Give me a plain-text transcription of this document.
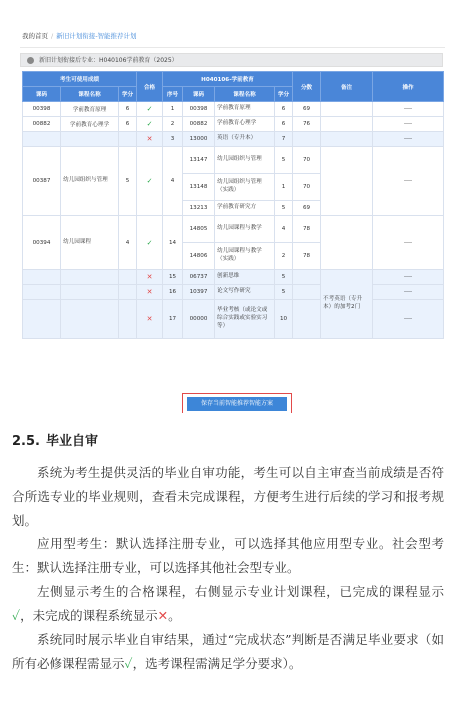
我的首页 / 新旧计划衔接-智能推荐计划
新旧计划衔接后专业：H040106学前教育（2025）
考生可使用成绩			合格	H040106-学前教育				分数	备注	操作
课码	课程名称	学分		序号	课码	课程名称	学分			
00398	学前教育原理	6	✓	1	00398	学前教育原理	6	69		----
00882	学前教育心理学	6	✓	2	00882	学前教育心理学	6	76		----
			✕	3	13000	英语（专升本）	7			----
00387	幼儿园组织与管理	5	✓	4	13147	幼儿园组织与管理	5	70		----
					13148	幼儿园组织与管理（实践）	1	70		
					13213	学前教育研究方	5	69		
00394	幼儿园课程	4	✓	14	14805	幼儿园课程与教学	4	78		----
					14806	幼儿园课程与教学（实践）	2	78		
			✕	15	06737	创新思维	5		不考英语（专升本）的加考2门	----
			✕	16	10397	论文写作研究	5			----
			✕	17	00000	毕业考核（或论文或综合实践或实验实习等）	10			----
保存当前智能推荐智能方案
2.5. 毕业自审

系统为考生提供灵活的毕业自审功能，考生可以自主审查当前成绩是否符合所选专业的毕业规则，查看未完成课程，方便考生进行后续的学习和报考规划。

应用型考生：默认选择注册专业，可以选择其他应用型专业。社会型考生：默认选择注册专业，可以选择其他社会型专业。

左侧显示考生的合格课程，右侧显示专业计划课程，已完成的课程显示✓，未完成的课程系统显示✕。

系统同时展示毕业自审结果，通过“完成状态”判断是否满足毕业要求（如所有必修课程需显示✓，选考课程需满足学分要求）。
